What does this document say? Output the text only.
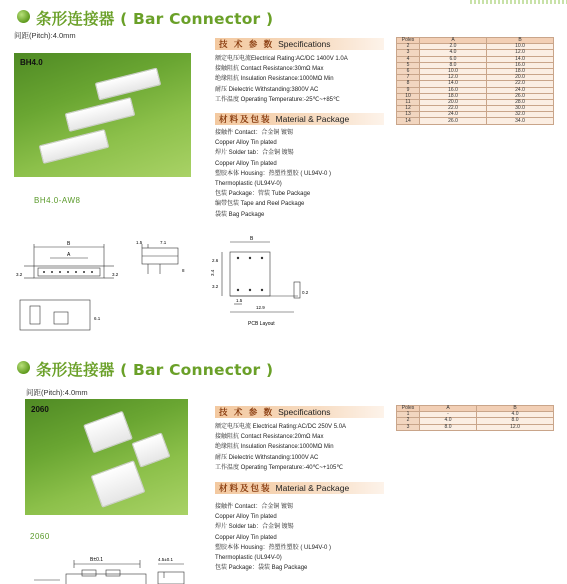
条形连接器 ( Bar Connector )
间距(Pitch):4.0mm
BH4.0
BH4.0-AW8
技 术 参 数 Specifications
额定电压电流Electrical Rating:AC/DC 1400V 1.0A
接触阻抗 Contact Resistance:30mΩ Max
绝缘阻抗 Insulation Resistance:1000MΩ Min
耐压 Dielectric Withstanding:3800V AC
工作温度 Operating Temperature:-25℃~+85℃
材料及包装 Material & Package
接触件 Contact：合金铜 镀锡
Copper Alloy Tin plated
焊片 Solder tab：合金铜 镀锡
Copper Alloy Tin plated
塑胶本体 Housing：热塑性塑胶 ( UL94V-0 )
Thermoplastic (UL94V-0)
包装 Package：管装 Tube Package
编带包装 Tape and Reel Package
袋装 Bag Package
Poles	A	B
2	2.0	10.0
3	4.0	12.0
4	6.0	14.0
5	8.0	16.0
6	10.0	18.0
7	12.0	20.0
8	14.0	22.0
9	16.0	24.0
10	18.0	26.0
11	20.0	28.0
12	22.0	30.0
13	24.0	32.0
14	26.0	34.0
B
A
3.2	3.2
1.5	7.1
8
6.1
B
3.4
3.2
2.6
1.5
12.9
0.2
PCB Layout
条形连接器 ( Bar Connector )
间距(Pitch):4.0mm
2060
2060
技 术 参 数 Specifications
额定电压电流 Electrical Rating:AC/DC 250V 5.0A
接触阻抗 Contact Resistance:20mΩ Max
绝缘阻抗 Insulation Resistance:1000MΩ Min
耐压 Dielectric Withstanding:1000V AC
工作温度 Operating Temperature:-40℃~+105℃
材料及包装 Material & Package
接触件 Contact：合金铜 镀锡
Copper Alloy Tin plated
焊片 Solder tab：合金铜 镀锡
Copper Alloy Tin plated
塑胶本体 Housing：热塑性塑胶 ( UL94V-0 )
Thermoplastic (UL94V-0)
包装 Package：袋装 Bag Package
Poles	A	B
1	-	4.0
2	4.0	8.0
3	8.0	12.0
B±0.1	4.5±0.1
